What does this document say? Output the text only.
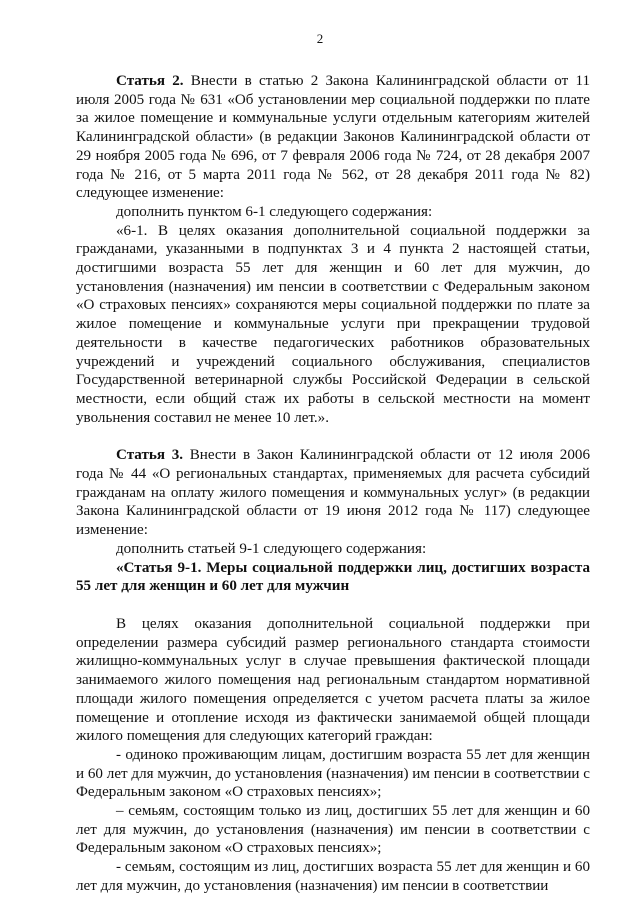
2

Статья 2. Внести в статью 2 Закона Калининградской области от 11 июля 2005 года № 631 «Об установлении мер социальной поддержки по плате за жилое помещение и коммунальные услуги отдельным категориям жителей Калининградской области» (в редакции Законов Калининградской области от 29 ноября 2005 года № 696, от 7 февраля 2006 года № 724, от 28 декабря 2007 года № 216, от 5 марта 2011 года № 562, от 28 декабря 2011 года № 82) следующее изменение:

дополнить пунктом 6-1 следующего содержания:

«6-1. В целях оказания дополнительной социальной поддержки за гражданами, указанными в подпунктах 3 и 4 пункта 2 настоящей статьи, достигшими возраста 55 лет для женщин и 60 лет для мужчин, до установления (назначения) им пенсии в соответствии с Федеральным законом «О страховых пенсиях» сохраняются меры социальной поддержки по плате за жилое помещение и коммунальные услуги при прекращении трудовой деятельности в качестве педагогических работников образовательных учреждений и учреждений социального обслуживания, специалистов Государственной ветеринарной службы Российской Федерации в сельской местности, если общий стаж их работы в сельской местности на момент увольнения составил не менее 10 лет.».

Статья 3. Внести в Закон Калининградской области от 12 июля 2006 года № 44 «О региональных стандартах, применяемых для расчета субсидий гражданам на оплату жилого помещения и коммунальных услуг» (в редакции Закона Калининградской области от 19 июня 2012 года № 117) следующее изменение:

дополнить статьей 9-1 следующего содержания:

«Статья 9-1. Меры социальной поддержки лиц, достигших возраста 55 лет для женщин и 60 лет для мужчин

В целях оказания дополнительной социальной поддержки при определении размера субсидий размер регионального стандарта стоимости жилищно-коммунальных услуг в случае превышения фактической площади занимаемого жилого помещения над региональным стандартом нормативной площади жилого помещения определяется с учетом расчета платы за жилое помещение и отопление исходя из фактически занимаемой общей площади жилого помещения для следующих категорий граждан:

- одиноко проживающим лицам, достигшим возраста 55 лет для женщин и 60 лет для мужчин, до установления (назначения) им пенсии в соответствии с Федеральным законом «О страховых пенсиях»;

– семьям, состоящим только из лиц, достигших 55 лет для женщин и 60 лет для мужчин, до установления (назначения) им пенсии в соответствии с Федеральным законом «О страховых пенсиях»;

- семьям, состоящим из лиц, достигших возраста 55 лет для женщин и 60 лет для мужчин, до установления (назначения) им пенсии в соответствии
